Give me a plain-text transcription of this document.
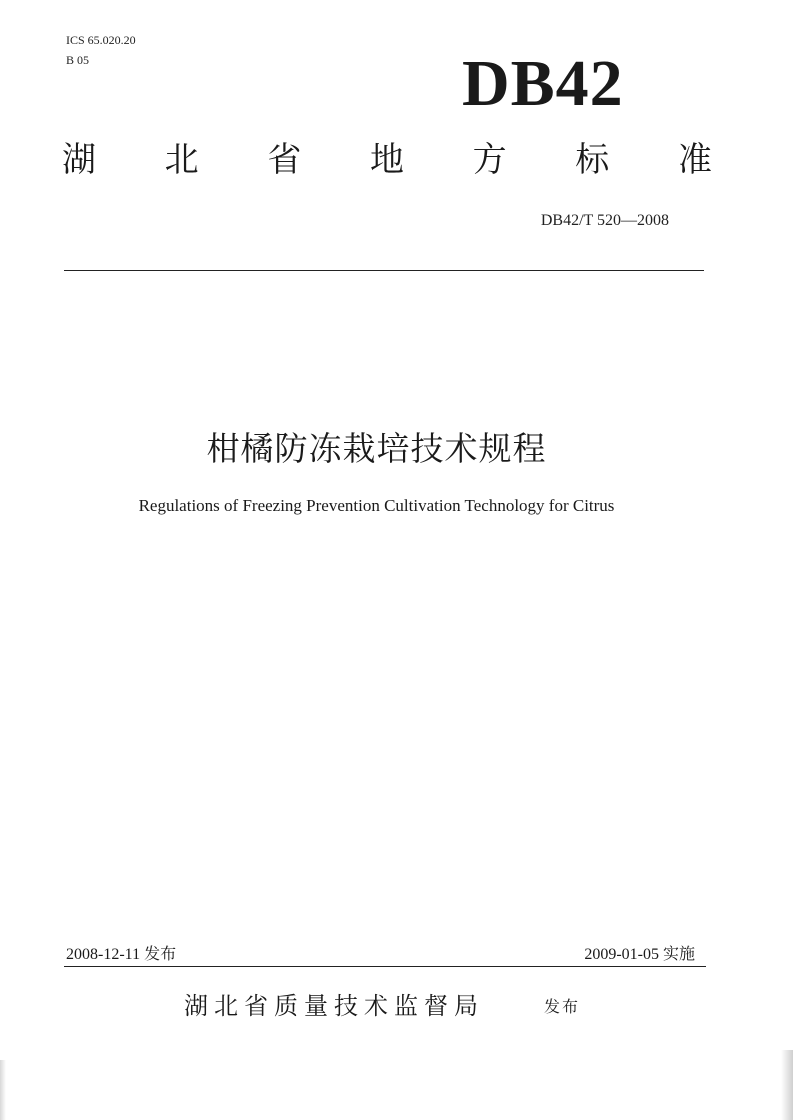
ICS 65.020.20
B 05	DB42
湖 北 省 地 方 标 准
DB42/T 520—2008
柑橘防冻栽培技术规程
Regulations of Freezing Prevention Cultivation Technology for Citrus
2008-12-11 发布	2009-01-05 实施
湖北省质量技术监督局	发布
